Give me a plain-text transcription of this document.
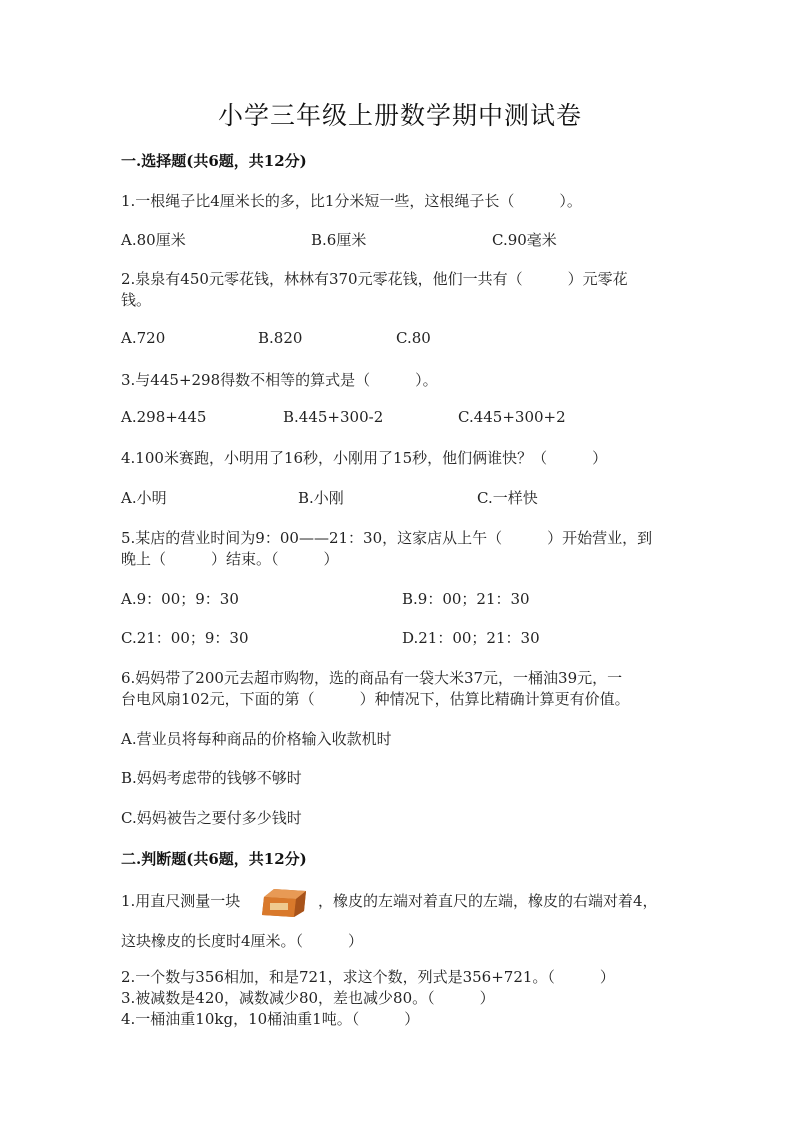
小学三年级上册数学期中测试卷
一.选择题(共6题，共12分)
1.一根绳子比4厘米长的多，比1分米短一些，这根绳子长（　　　）。
A.80厘米	B.6厘米	C.90毫米
2.泉泉有450元零花钱，林林有370元零花钱，他们一共有（　　　）元零花
钱。
A.720	B.820	C.80
3.与445+298得数不相等的算式是（　　　）。
A.298+445	B.445+300-2	C.445+300+2
4.100米赛跑，小明用了16秒，小刚用了15秒，他们俩谁快？（　　　）
A.小明	B.小刚	C.一样快
5.某店的营业时间为9：00——21：30，这家店从上午（　　　）开始营业，到
晚上（　　　）结束。（　　　）
A.9：00；9：30	B.9：00；21：30
C.21：00；9：30	D.21：00；21：30
6.妈妈带了200元去超市购物，选的商品有一袋大米37元，一桶油39元，一
台电风扇102元，下面的第（　　　）种情况下，估算比精确计算更有价值。
A.营业员将每种商品的价格输入收款机时
B.妈妈考虑带的钱够不够时
C.妈妈被告之要付多少钱时
二.判断题(共6题，共12分)
1.用直尺测量一块	，橡皮的左端对着直尺的左端，橡皮的右端对着4，
这块橡皮的长度时4厘米。（　　　）
2.一个数与356相加，和是721，求这个数，列式是356+721。（　　　）
3.被减数是420，减数减少80，差也减少80。（　　　）
4.一桶油重10kg，10桶油重1吨。（　　　）
